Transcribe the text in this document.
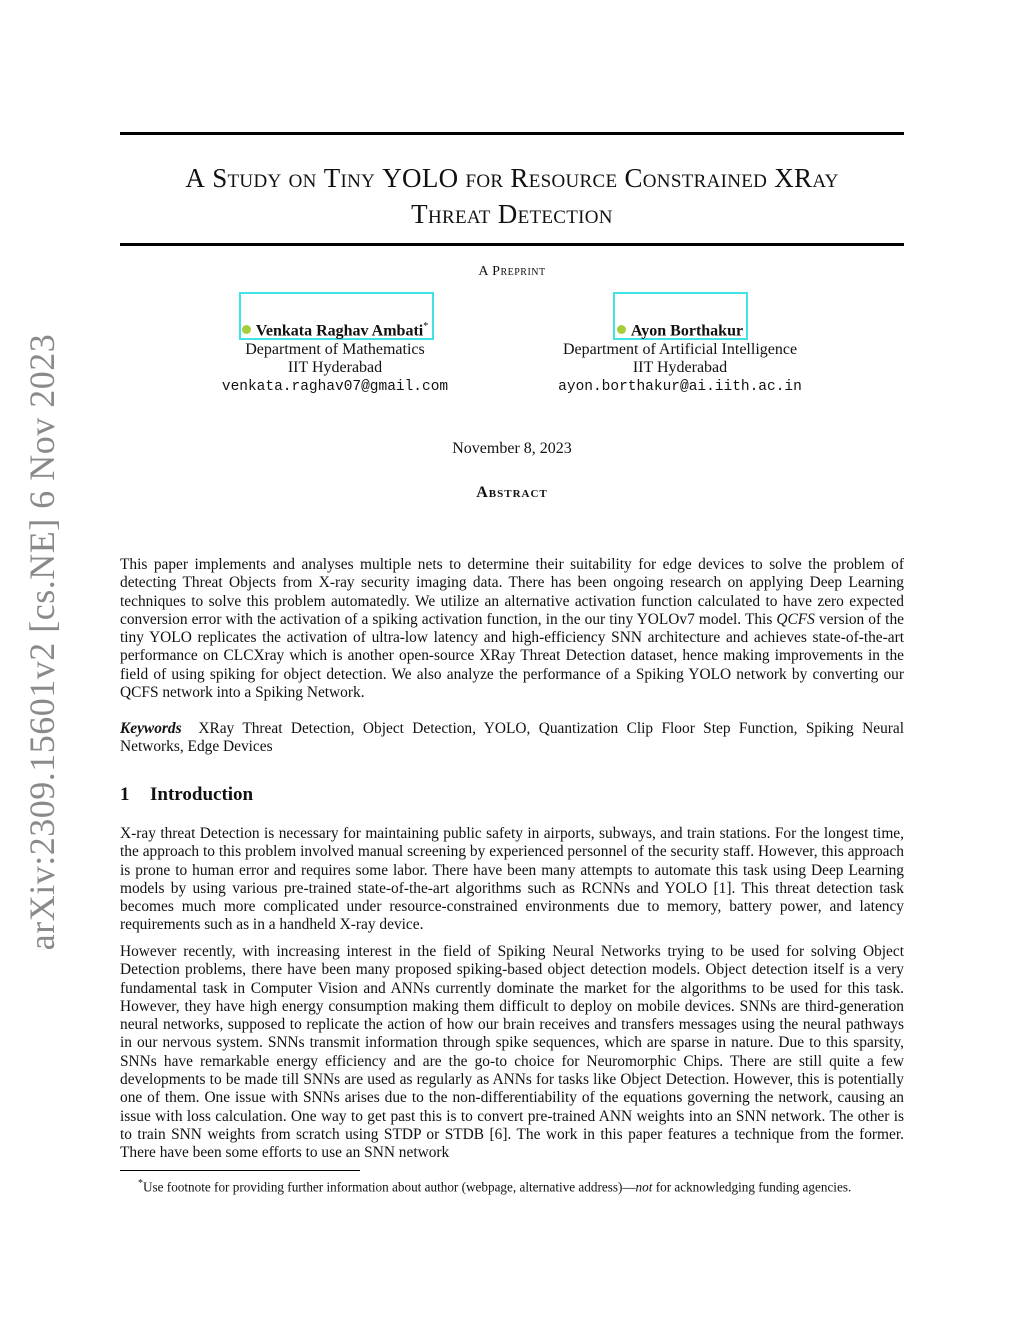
arXiv:2309.15601v2 [cs.NE] 6 Nov 2023
A Study on Tiny YOLO for Resource Constrained XRay
Threat Detection
A Preprint
Venkata Raghav Ambati*
Department of Mathematics
IIT Hyderabad
venkata.raghav07@gmail.com
Ayon Borthakur
Department of Artificial Intelligence
IIT Hyderabad
ayon.borthakur@ai.iith.ac.in
November 8, 2023
Abstract

This paper implements and analyses multiple nets to determine their suitability for edge devices to solve the problem of detecting Threat Objects from X-ray security imaging data. There has been ongoing research on applying Deep Learning techniques to solve this problem automatedly. We utilize an alternative activation function calculated to have zero expected conversion error with the activation of a spiking activation function, in the our tiny YOLOv7 model. This QCFS version of the tiny YOLO replicates the activation of ultra-low latency and high-efficiency SNN architecture and achieves state-of-the-art performance on CLCXray which is another open-source XRay Threat Detection dataset, hence making improvements in the field of using spiking for object detection. We also analyze the performance of a Spiking YOLO network by converting our QCFS network into a Spiking Network.

Keywords XRay Threat Detection, Object Detection, YOLO, Quantization Clip Floor Step Function, Spiking Neural Networks, Edge Devices

1 Introduction

X-ray threat Detection is necessary for maintaining public safety in airports, subways, and train stations. For the longest time, the approach to this problem involved manual screening by experienced personnel of the security staff. However, this approach is prone to human error and requires some labor. There have been many attempts to automate this task using Deep Learning models by using various pre-trained state-of-the-art algorithms such as RCNNs and YOLO [1]. This threat detection task becomes much more complicated under resource-constrained environments due to memory, battery power, and latency requirements such as in a handheld X-ray device.

However recently, with increasing interest in the field of Spiking Neural Networks trying to be used for solving Object Detection problems, there have been many proposed spiking-based object detection models. Object detection itself is a very fundamental task in Computer Vision and ANNs currently dominate the market for the algorithms to be used for this task. However, they have high energy consumption making them difficult to deploy on mobile devices. SNNs are third-generation neural networks, supposed to replicate the action of how our brain receives and transfers messages using the neural pathways in our nervous system. SNNs transmit information through spike sequences, which are sparse in nature. Due to this sparsity, SNNs have remarkable energy efficiency and are the go-to choice for Neuromorphic Chips. There are still quite a few developments to be made till SNNs are used as regularly as ANNs for tasks like Object Detection. However, this is potentially one of them. One issue with SNNs arises due to the non-differentiability of the equations governing the network, causing an issue with loss calculation. One way to get past this is to convert pre-trained ANN weights into an SNN network. The other is to train SNN weights from scratch using STDP or STDB [6]. The work in this paper features a technique from the former. There have been some efforts to use an SNN network

*Use footnote for providing further information about author (webpage, alternative address)—not for acknowledging funding agencies.
